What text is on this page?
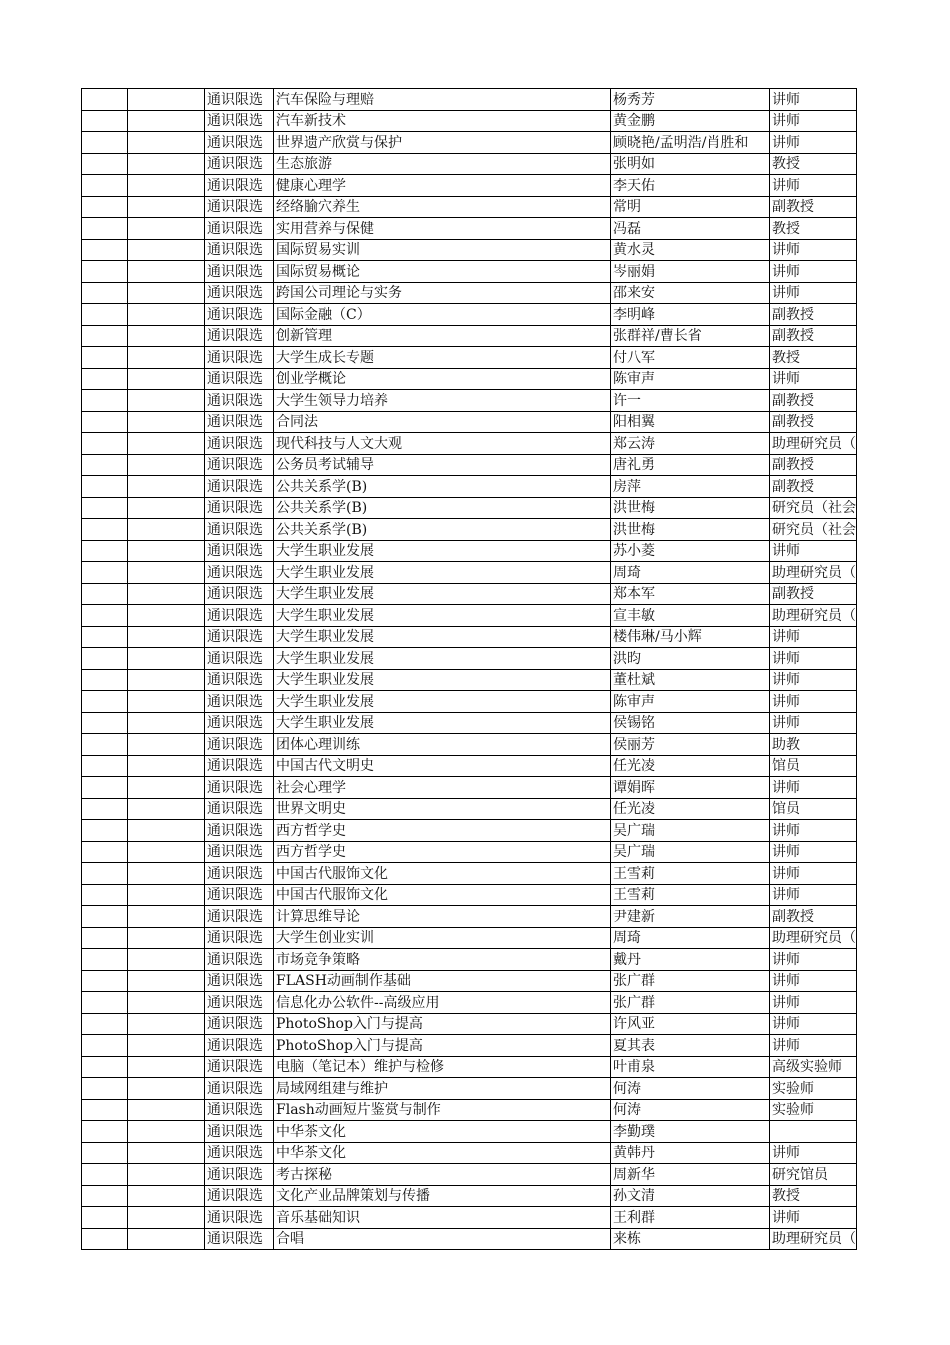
		通识限选	汽车保险与理赔	杨秀芳	讲师
		通识限选	汽车新技术	黄金鹏	讲师
		通识限选	世界遗产欣赏与保护	顾晓艳/孟明浩/肖胜和	讲师
		通识限选	生态旅游	张明如	教授
		通识限选	健康心理学	李天佑	讲师
		通识限选	经络腧穴养生	常明	副教授
		通识限选	实用营养与保健	冯磊	教授
		通识限选	国际贸易实训	黄水灵	讲师
		通识限选	国际贸易概论	岑丽娟	讲师
		通识限选	跨国公司理论与实务	邵来安	讲师
		通识限选	国际金融（C）	李明峰	副教授
		通识限选	创新管理	张群祥/曹长省	副教授
		通识限选	大学生成长专题	付八军	教授
		通识限选	创业学概论	陈审声	讲师
		通识限选	大学生领导力培养	许一	副教授
		通识限选	合同法	阳相翼	副教授
		通识限选	现代科技与人文大观	郑云涛	助理研究员（
		通识限选	公务员考试辅导	唐礼勇	副教授
		通识限选	公共关系学(B)	房萍	副教授
		通识限选	公共关系学(B)	洪世梅	研究员（社会
		通识限选	公共关系学(B)	洪世梅	研究员（社会
		通识限选	大学生职业发展	苏小菱	讲师
		通识限选	大学生职业发展	周琦	助理研究员（
		通识限选	大学生职业发展	郑本军	副教授
		通识限选	大学生职业发展	宣丰敏	助理研究员（
		通识限选	大学生职业发展	楼伟琳/马小辉	讲师
		通识限选	大学生职业发展	洪昀	讲师
		通识限选	大学生职业发展	董杜斌	讲师
		通识限选	大学生职业发展	陈审声	讲师
		通识限选	大学生职业发展	侯锡铭	讲师
		通识限选	团体心理训练	侯丽芳	助教
		通识限选	中国古代文明史	任光凌	馆员
		通识限选	社会心理学	谭娟晖	讲师
		通识限选	世界文明史	任光凌	馆员
		通识限选	西方哲学史	吴广瑞	讲师
		通识限选	西方哲学史	吴广瑞	讲师
		通识限选	中国古代服饰文化	王雪莉	讲师
		通识限选	中国古代服饰文化	王雪莉	讲师
		通识限选	计算思维导论	尹建新	副教授
		通识限选	大学生创业实训	周琦	助理研究员（
		通识限选	市场竞争策略	戴丹	讲师
		通识限选	FLASH动画制作基础	张广群	讲师
		通识限选	信息化办公软件--高级应用	张广群	讲师
		通识限选	PhotoShop入门与提高	许风亚	讲师
		通识限选	PhotoShop入门与提高	夏其表	讲师
		通识限选	电脑（笔记本）维护与检修	叶甫泉	高级实验师
		通识限选	局域网组建与维护	何涛	实验师
		通识限选	Flash动画短片鉴赏与制作	何涛	实验师
		通识限选	中华茶文化	李勤璞	
		通识限选	中华茶文化	黄韩丹	讲师
		通识限选	考古探秘	周新华	研究馆员
		通识限选	文化产业品牌策划与传播	孙文清	教授
		通识限选	音乐基础知识	王利群	讲师
		通识限选	合唱	来栋	助理研究员（
